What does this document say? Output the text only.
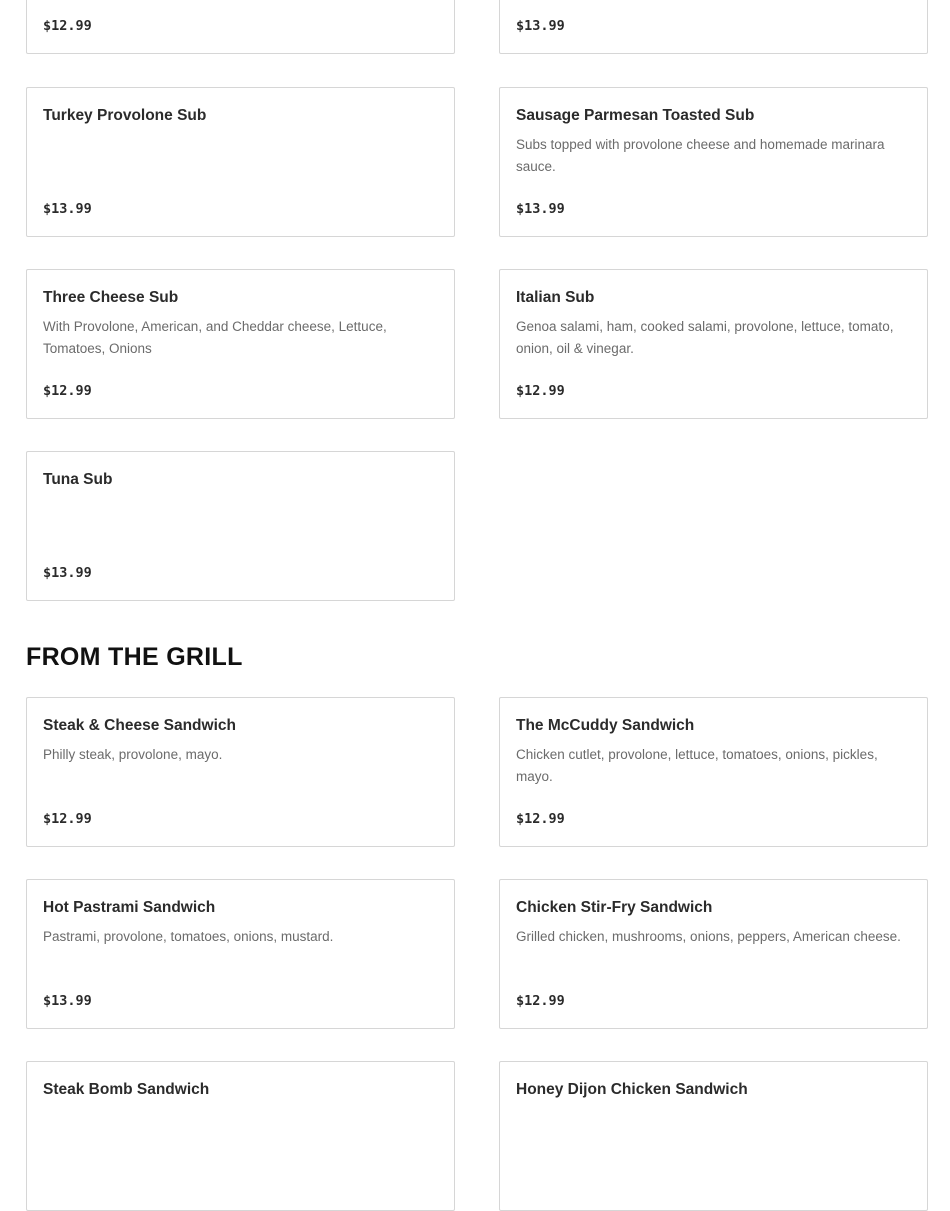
$12.99	$13.99
Turkey Provolone Sub
$13.99
Sausage Parmesan Toasted Sub
Subs topped with provolone cheese and homemade marinara sauce.
$13.99
Three Cheese Sub
With Provolone, American, and Cheddar cheese, Lettuce, Tomatoes, Onions
$12.99
Italian Sub
Genoa salami, ham, cooked salami, provolone, lettuce, tomato, onion, oil & vinegar.
$12.99
Tuna Sub
$13.99
FROM THE GRILL
Steak & Cheese Sandwich
Philly steak, provolone, mayo.
$12.99
The McCuddy Sandwich
Chicken cutlet, provolone, lettuce, tomatoes, onions, pickles, mayo.
$12.99
Hot Pastrami Sandwich
Pastrami, provolone, tomatoes, onions, mustard.
$13.99
Chicken Stir-Fry Sandwich
Grilled chicken, mushrooms, onions, peppers, American cheese.
$12.99
Steak Bomb Sandwich	Honey Dijon Chicken Sandwich
